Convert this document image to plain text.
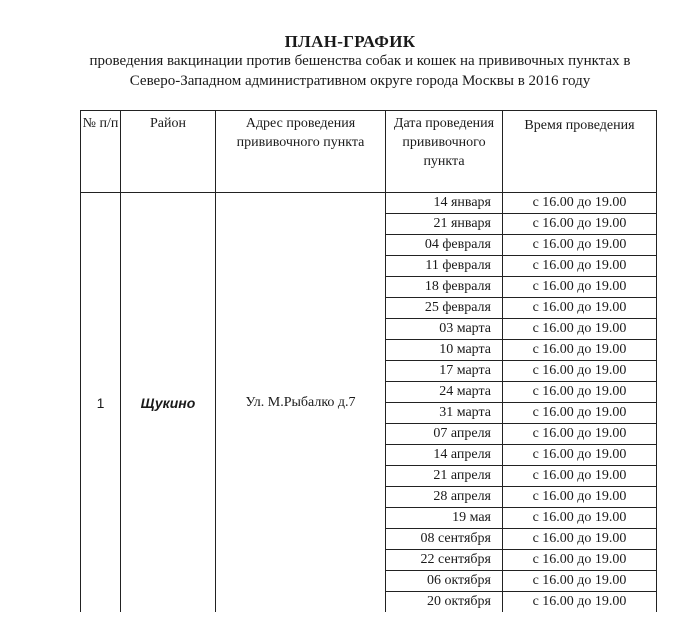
ПЛАН-ГРАФИК
проведения вакцинации против бешенства собак и кошек на прививочных пунктах в
Северо-Западном административном округе города Москвы в 2016 году
№ п/п	Район	Адрес проведения прививочного пункта	Дата проведения прививочного пункта	Время проведения
1	Щукино	Ул. М.Рыбалко д.7	14 января	с 16.00 до 19.00
			21 января	с 16.00 до 19.00
			04 февраля	с 16.00 до 19.00
			11 февраля	с 16.00 до 19.00
			18 февраля	с 16.00 до 19.00
			25 февраля	с 16.00 до 19.00
			03 марта	с 16.00 до 19.00
			10 марта	с 16.00 до 19.00
			17 марта	с 16.00 до 19.00
			24 марта	с 16.00 до 19.00
			31 марта	с 16.00 до 19.00
			07 апреля	с 16.00 до 19.00
			14 апреля	с 16.00 до 19.00
			21 апреля	с 16.00 до 19.00
			28 апреля	с 16.00 до 19.00
			19 мая	с 16.00 до 19.00
			08 сентября	с 16.00 до 19.00
			22 сентября	с 16.00 до 19.00
			06 октября	с 16.00 до 19.00
			20 октября	с 16.00 до 19.00
